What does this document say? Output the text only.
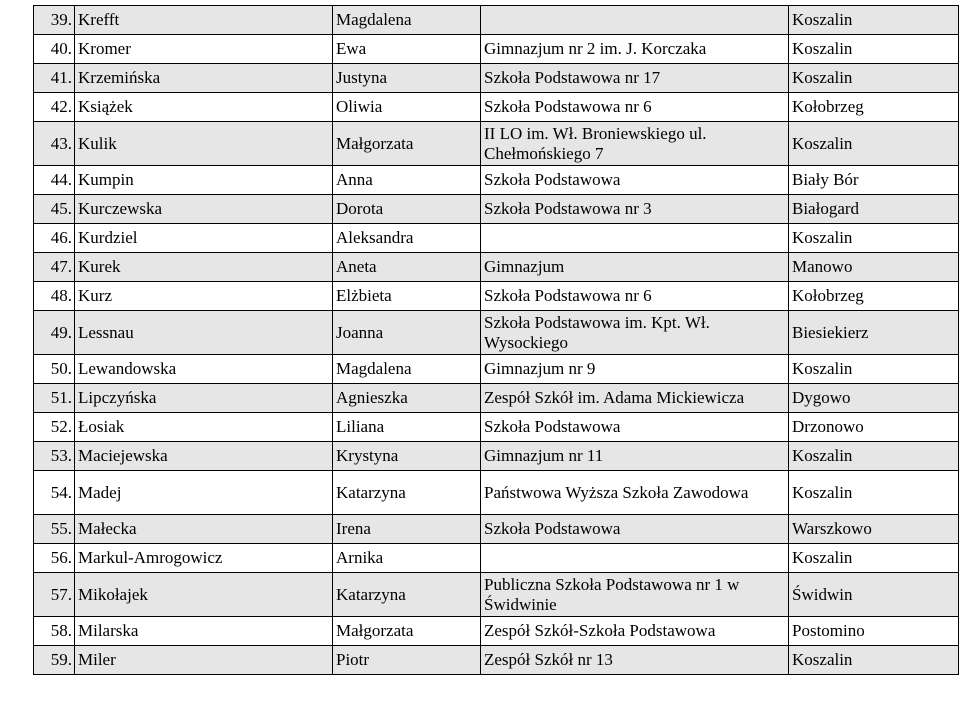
39.	Krefft	Magdalena		Koszalin
40.	Kromer	Ewa	Gimnazjum nr 2 im. J. Korczaka	Koszalin
41.	Krzemińska	Justyna	Szkoła Podstawowa nr 17	Koszalin
42.	Książek	Oliwia	Szkoła Podstawowa nr 6	Kołobrzeg
43.	Kulik	Małgorzata	II LO im. Wł. Broniewskiego ul. Chełmońskiego 7	Koszalin
44.	Kumpin	Anna	Szkoła Podstawowa	Biały Bór
45.	Kurczewska	Dorota	Szkoła Podstawowa nr 3	Białogard
46.	Kurdziel	Aleksandra		Koszalin
47.	Kurek	Aneta	Gimnazjum	Manowo
48.	Kurz	Elżbieta	Szkoła Podstawowa nr 6	Kołobrzeg
49.	Lessnau	Joanna	Szkoła Podstawowa im. Kpt. Wł. Wysockiego	Biesiekierz
50.	Lewandowska	Magdalena	Gimnazjum nr 9	Koszalin
51.	Lipczyńska	Agnieszka	Zespół Szkół im. Adama Mickiewicza	Dygowo
52.	Łosiak	Liliana	Szkoła Podstawowa	Drzonowo
53.	Maciejewska	Krystyna	Gimnazjum nr 11	Koszalin
54.	Madej	Katarzyna	Państwowa Wyższa Szkoła Zawodowa	Koszalin
55.	Małecka	Irena	Szkoła Podstawowa	Warszkowo
56.	Markul-Amrogowicz	Arnika		Koszalin
57.	Mikołajek	Katarzyna	Publiczna Szkoła Podstawowa nr 1 w Świdwinie	Świdwin
58.	Milarska	Małgorzata	Zespół Szkół-Szkoła Podstawowa	Postomino
59.	Miler	Piotr	Zespół Szkół nr 13	Koszalin
